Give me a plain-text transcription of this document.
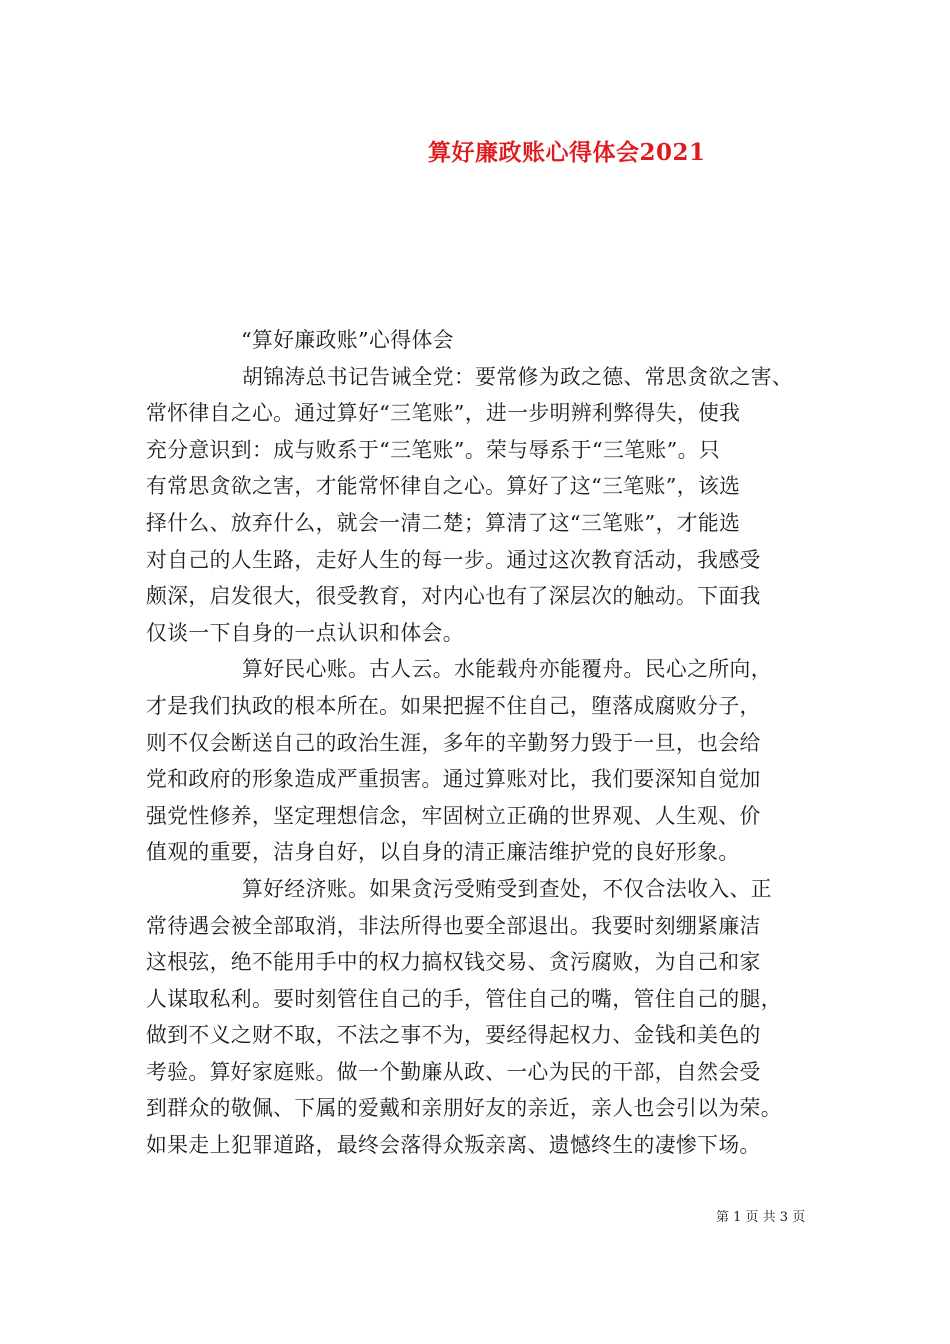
算好廉政账心得体会2021
“算好廉政账”心得体会
胡锦涛总书记告诫全党：要常修为政之德、常思贪欲之害、
常怀律自之心。通过算好“三笔账”，进一步明辨利弊得失，使我
充分意识到：成与败系于“三笔账”。荣与辱系于“三笔账”。只
有常思贪欲之害，才能常怀律自之心。算好了这“三笔账”，该选
择什么、放弃什么，就会一清二楚；算清了这“三笔账”，才能选
对自己的人生路，走好人生的每一步。通过这次教育活动，我感受
颇深，启发很大，很受教育，对内心也有了深层次的触动。下面我
仅谈一下自身的一点认识和体会。
算好民心账。古人云。水能载舟亦能覆舟。民心之所向，
才是我们执政的根本所在。如果把握不住自己，堕落成腐败分子，
则不仅会断送自己的政治生涯，多年的辛勤努力毁于一旦，也会给
党和政府的形象造成严重损害。通过算账对比，我们要深知自觉加
强党性修养，坚定理想信念，牢固树立正确的世界观、人生观、价
值观的重要，洁身自好，以自身的清正廉洁维护党的良好形象。
算好经济账。如果贪污受贿受到查处，不仅合法收入、正
常待遇会被全部取消，非法所得也要全部退出。我要时刻绷紧廉洁
这根弦，绝不能用手中的权力搞权钱交易、贪污腐败，为自己和家
人谋取私利。要时刻管住自己的手，管住自己的嘴，管住自己的腿，
做到不义之财不取，不法之事不为，要经得起权力、金钱和美色的
考验。算好家庭账。做一个勤廉从政、一心为民的干部，自然会受
到群众的敬佩、下属的爱戴和亲朋好友的亲近，亲人也会引以为荣。
如果走上犯罪道路，最终会落得众叛亲离、遗憾终生的凄惨下场。
第 1 页 共 3 页
